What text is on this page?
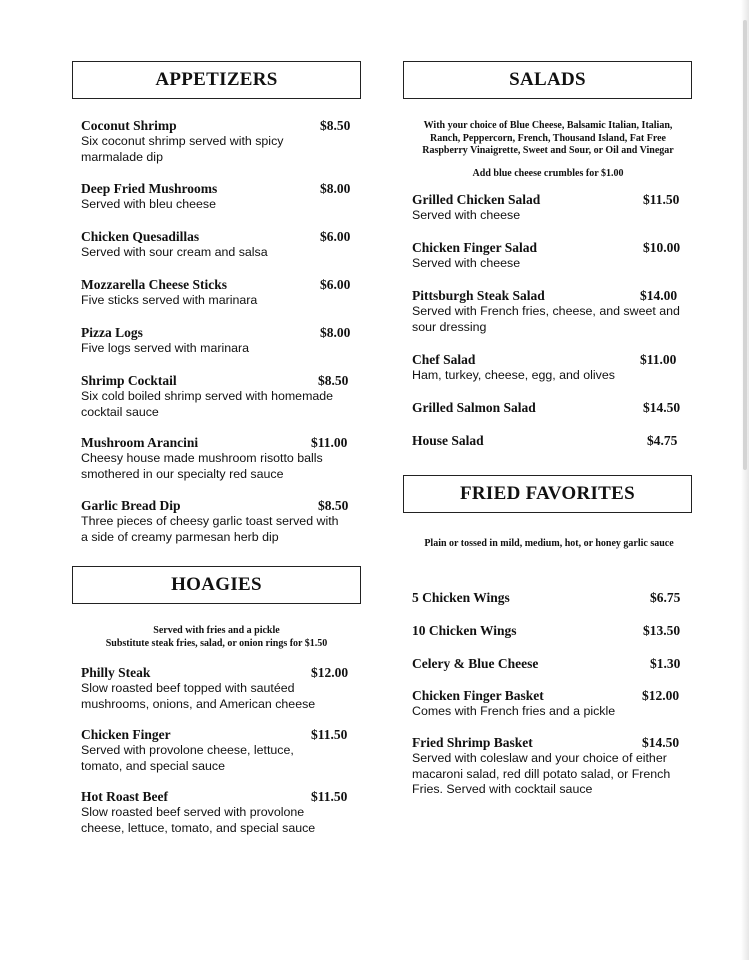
APPETIZERS
Coconut Shrimp	$8.50
Six coconut shrimp served with spicy marmalade dip
Deep Fried Mushrooms	$8.00
Served with bleu cheese
Chicken Quesadillas	$6.00
Served with sour cream and salsa
Mozzarella Cheese Sticks	$6.00
Five sticks served with marinara
Pizza Logs	$8.00
Five logs served with marinara
Shrimp Cocktail	$8.50
Six cold boiled shrimp served with homemade cocktail sauce
Mushroom Arancini	$11.00
Cheesy house made mushroom risotto balls smothered in our specialty red sauce
Garlic Bread Dip	$8.50
Three pieces of cheesy garlic toast served with a side of creamy parmesan herb dip
HOAGIES
Served with fries and a pickle
Substitute steak fries, salad, or onion rings for $1.50
Philly Steak	$12.00
Slow roasted beef topped with sautéed mushrooms, onions, and American cheese
Chicken Finger	$11.50
Served with provolone cheese, lettuce, tomato, and special sauce
Hot Roast Beef	$11.50
Slow roasted beef served with provolone cheese, lettuce, tomato, and special sauce
SALADS
With your choice of Blue Cheese, Balsamic Italian, Italian, Ranch, Peppercorn, French, Thousand Island, Fat Free Raspberry Vinaigrette, Sweet and Sour, or Oil and Vinegar
Add blue cheese crumbles for $1.00
Grilled Chicken Salad	$11.50
Served with cheese
Chicken Finger Salad	$10.00
Served with cheese
Pittsburgh Steak Salad	$14.00
Served with French fries, cheese, and sweet and sour dressing
Chef Salad	$11.00
Ham, turkey, cheese, egg, and olives
Grilled Salmon Salad	$14.50
House Salad	$4.75
FRIED FAVORITES
Plain or tossed in mild, medium, hot, or honey garlic sauce
5 Chicken Wings	$6.75
10 Chicken Wings	$13.50
Celery & Blue Cheese	$1.30
Chicken Finger Basket	$12.00
Comes with French fries and a pickle
Fried Shrimp Basket	$14.50
Served with coleslaw and your choice of either macaroni salad, red dill potato salad, or French Fries. Served with cocktail sauce
